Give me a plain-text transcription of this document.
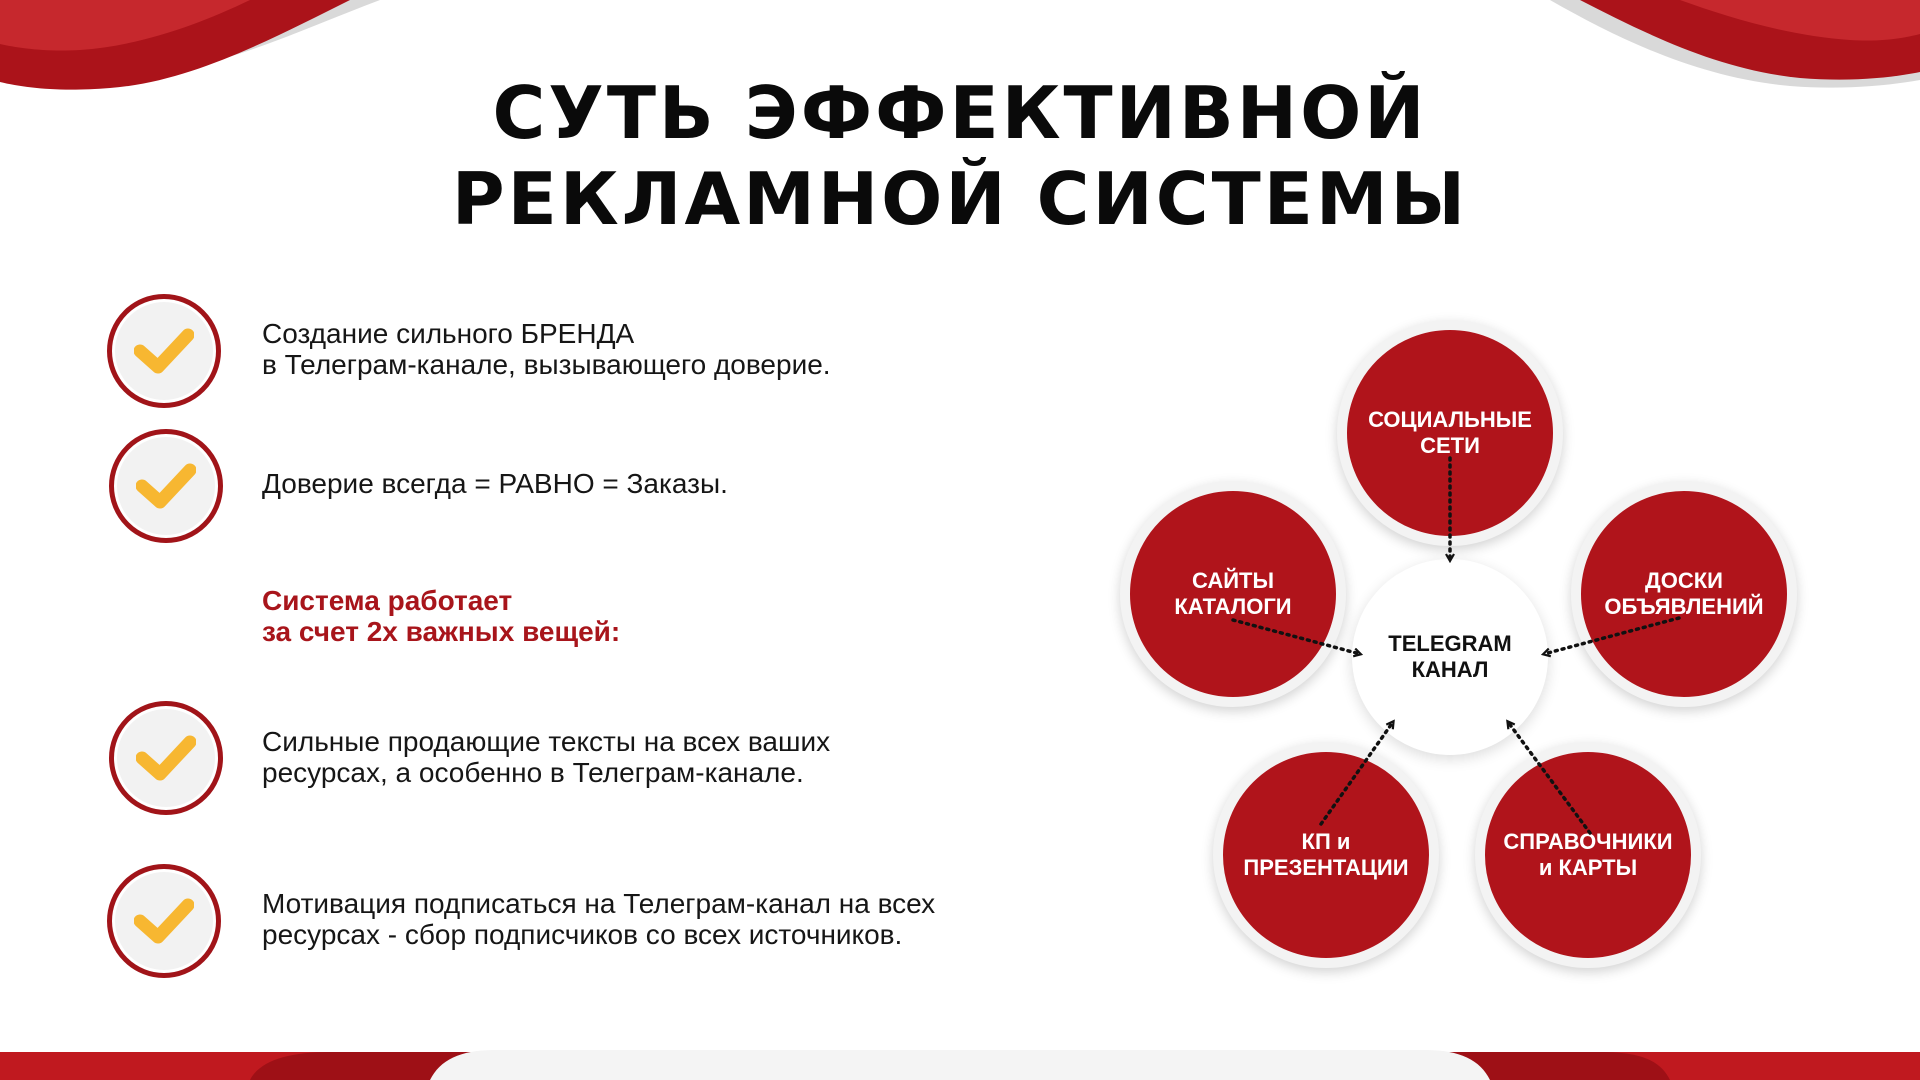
СУТЬ ЭФФЕКТИВНОЙ
РЕКЛАМНОЙ СИСТЕМЫ

Создание сильного БРЕНДА
в Телеграм-канале, вызывающего доверие.

Доверие всегда = РАВНО = Заказы.

Система работает
за счет 2х важных вещей:

Сильные продающие тексты на всех ваших
ресурсах, а особенно в Телеграм-канале.

Мотивация подписаться на Телеграм-канал на всех
ресурсах - сбор подписчиков со всех источников.

TELEGRAM
КАНАЛ
СОЦИАЛЬНЫЕ
СЕТИ
САЙТЫ
КАТАЛОГИ
ДОСКИ
ОБЪЯВЛЕНИЙ
КП и
ПРЕЗЕНТАЦИИ
СПРАВОЧНИКИ
и КАРТЫ
